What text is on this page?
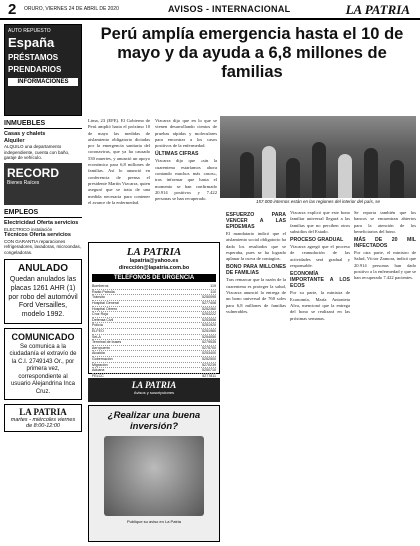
2 ORURO, VIERNES 24 DE ABRIL DE 2020	AVISOS - INTERNACIONAL	LA PATRIA
AUTO REPUESTO
España
PRÉSTAMOS
PRENDARIOS
INFORMACIONES
INMUEBLES
Casas y chalets
Alquiler
ALQUILO una departamento independiente, cuenta con baño, garaje de vehículo.
RECORD
Bienes Raíces
EMPLEOS
Electricidad Oferta servicios
ELECTRICO instalación
Técnicos Oferta servicios
CON GARANTIA reparaciones refrigeradores, lavadoras, microondas, congeladoras.
ANULADO
Quedan anulados las placas 1261 AHR (1) por robo del automóvil Ford Versailles, modelo 1992.
COMUNICADO
Se comunica a la ciudadanía el extravío de la C.I. 2749143 Or., por primera vez, correspondiente al usuario Alejandrina Inca Cruz.
LA PATRIA
martes - miércoles viernes de 8:00-12:00
Perú amplía emergencia hasta el 10 de mayo y da ayuda a 6,8 millones de familias
Lima, 23 (EFE). El Gobierno de Perú amplió hasta el próximo 10 de mayo las medidas de aislamiento obligatorio dictadas por la emergencia sanitaria del coronavirus, que ya ha causado 530 muertes, y anunció un apoyo económico para 6,8 millones de familias. Así lo anunció en conferencia de prensa el presidente Martín Vizcarra, quien aseguró que se trata de una medida necesaria para contener el avance de la enfermedad.
Vizcarra dijo que en lo que se vienen desarrollando cientos de pruebas rápidas y moleculares para encontrar a los casos positivos de la enfermedad.
ÚLTIMAS CIFRAS
Vizcarra dijo que «sin la cuarentena estaríamos ahora contando muchos más casos», tras informar que hasta el momento se han confirmado 20.914 positivos y 7.422 personas se han recuperado.
157.000 internos están en las regiones del interior del país, se
ESFUERZO PARA VENCER A LAS EPIDEMIAS
El mandatario indicó que el aislamiento social obligatorio ha dado los resultados que se esperaba, pues se ha logrado aplanar la curva de contagios.
BONO PARA MILLONES DE FAMILIAS
Tras remarcar que la razón de la cuarentena es proteger la salud, Vizcarra anunció la entrega de un bono universal de 760 soles para 6,8 millones de familias vulnerables.
Vizcarra explicó que este bono familiar universal llegará a las familias que no perciben otros subsidios del Estado.
PROCESO GRADUAL
Vizcarra agregó que el proceso de reanudación de las actividades será gradual y responsable.
ECONOMÍA IMPORTANTE A LOS ECOS
Por su parte, la ministra de Economía, María Antonieta Alva, mencionó que la entrega del bono se realizará en las próximas semanas.
Se reporta también que los bancos se encuentran abiertos para la atención de los beneficiarios del bono.
MÁS DE 20 MIL INFECTADOS
Por otra parte, el ministro de Salud, Víctor Zamora, indicó que 20.914 personas han dado positivo a la enfermedad y que se han recuperado 7.422 pacientes.
LA PATRIA
lapatria@yahoo.es
dirección@lapatria.com.bo
TELÉFONOS DE URGENCIA
Bomberos	119
Radio Patrulla	110
Tránsito	5250095
Hospital General	5277408
Hospital Obrero	5252360
Cruz Roja	5253222
Defensa Civil	5253556
Policía	5251920
ELFEO	5251960
SeLA	5254050
Terminal de buses	5279535
Aeropuerto	5275700
Alcaldía	5253400
Gobernación	5252500
Migración	5270239
Aduana	5250710
FELCC	5277811
LA PATRIA
Avisos y suscripciones
¿Realizar una buena inversión?
Publique su aviso en La Patria
